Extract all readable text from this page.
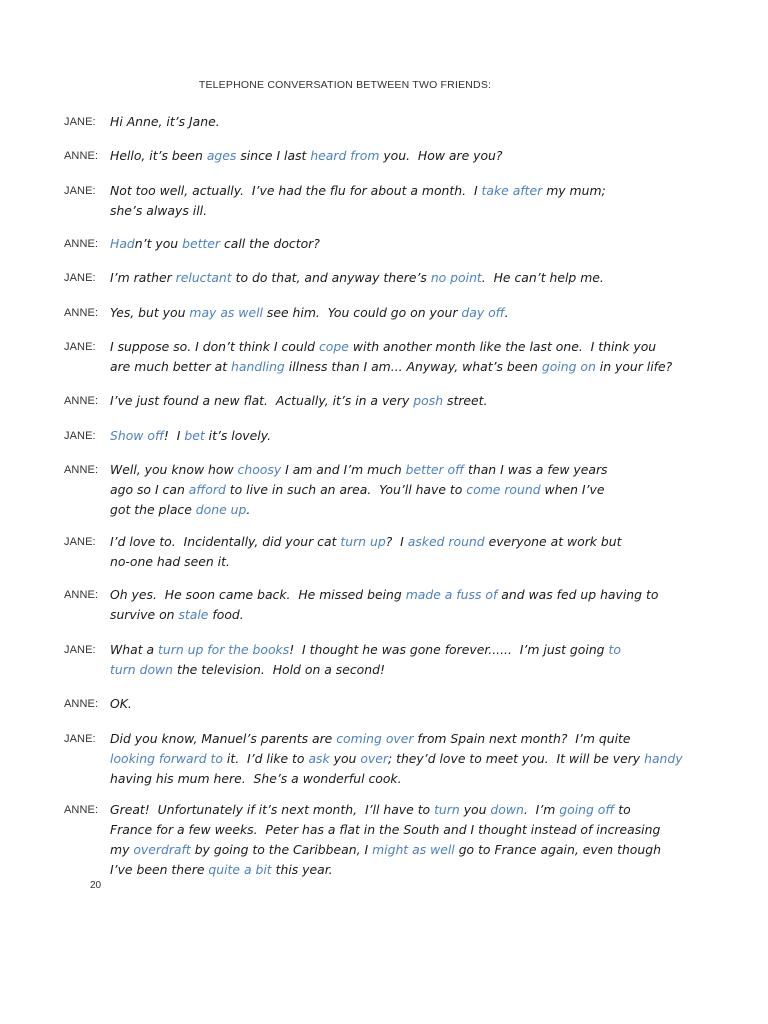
TELEPHONE CONVERSATION BETWEEN TWO FRIENDS:
JANE: Hi Anne, it’s Jane.
ANNE: Hello, it’s been ages since I last heard from you.  How are you?
JANE: Not too well, actually.  I’ve had the flu for about a month.  I take after my mum;
she’s always ill.
ANNE: Hadn’t you better call the doctor?
JANE: I’m rather reluctant to do that, and anyway there’s no point.  He can’t help me.
ANNE: Yes, but you may as well see him.  You could go on your day off.
JANE: I suppose so. I don’t think I could cope with another month like the last one.  I think you
are much better at handling illness than I am... Anyway, what’s been going on in your life?
ANNE: I’ve just found a new flat.  Actually, it’s in a very posh street.
JANE: Show off!  I bet it’s lovely.
ANNE: Well, you know how choosy I am and I’m much better off than I was a few years
ago so I can afford to live in such an area.  You’ll have to come round when I’ve
got the place done up.
JANE: I’d love to.  Incidentally, did your cat turn up?  I asked round everyone at work but
no-one had seen it.
ANNE: Oh yes.  He soon came back.  He missed being made a fuss of and was fed up having to
survive on stale food.
JANE: What a turn up for the books!  I thought he was gone forever......  I’m just going to
turn down the television.  Hold on a second!
ANNE: OK.
JANE: Did you know, Manuel’s parents are coming over from Spain next month?  I’m quite
looking forward to it.  I’d like to ask you over; they’d love to meet you.  It will be very handy
having his mum here.  She’s a wonderful cook.
ANNE: Great!  Unfortunately if it’s next month,  I’ll have to turn you down.  I’m going off to
France for a few weeks.  Peter has a flat in the South and I thought instead of increasing
my overdraft by going to the Caribbean, I might as well go to France again, even though
I’ve been there quite a bit this year.
20
